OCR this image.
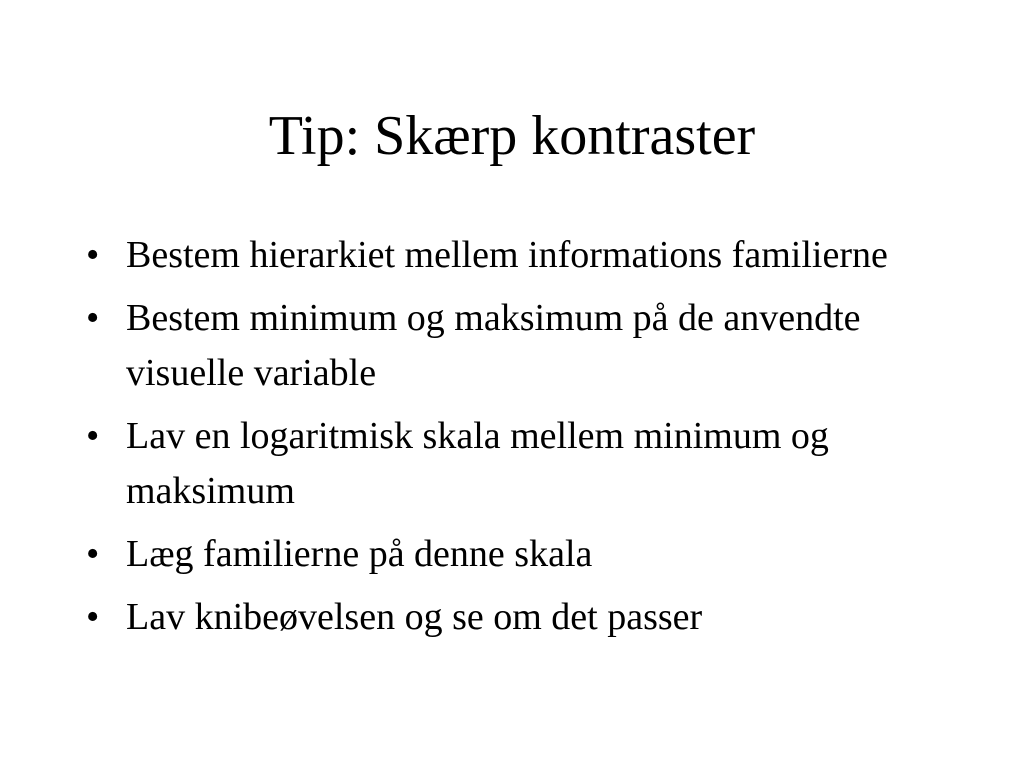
Tip: Skærp kontraster
• Bestem hierarkiet mellem informations familierne
• Bestem minimum og maksimum på de anvendte visuelle variable
• Lav en logaritmisk skala mellem minimum og maksimum
• Læg familierne på denne skala
• Lav knibeøvelsen og se om det passer
